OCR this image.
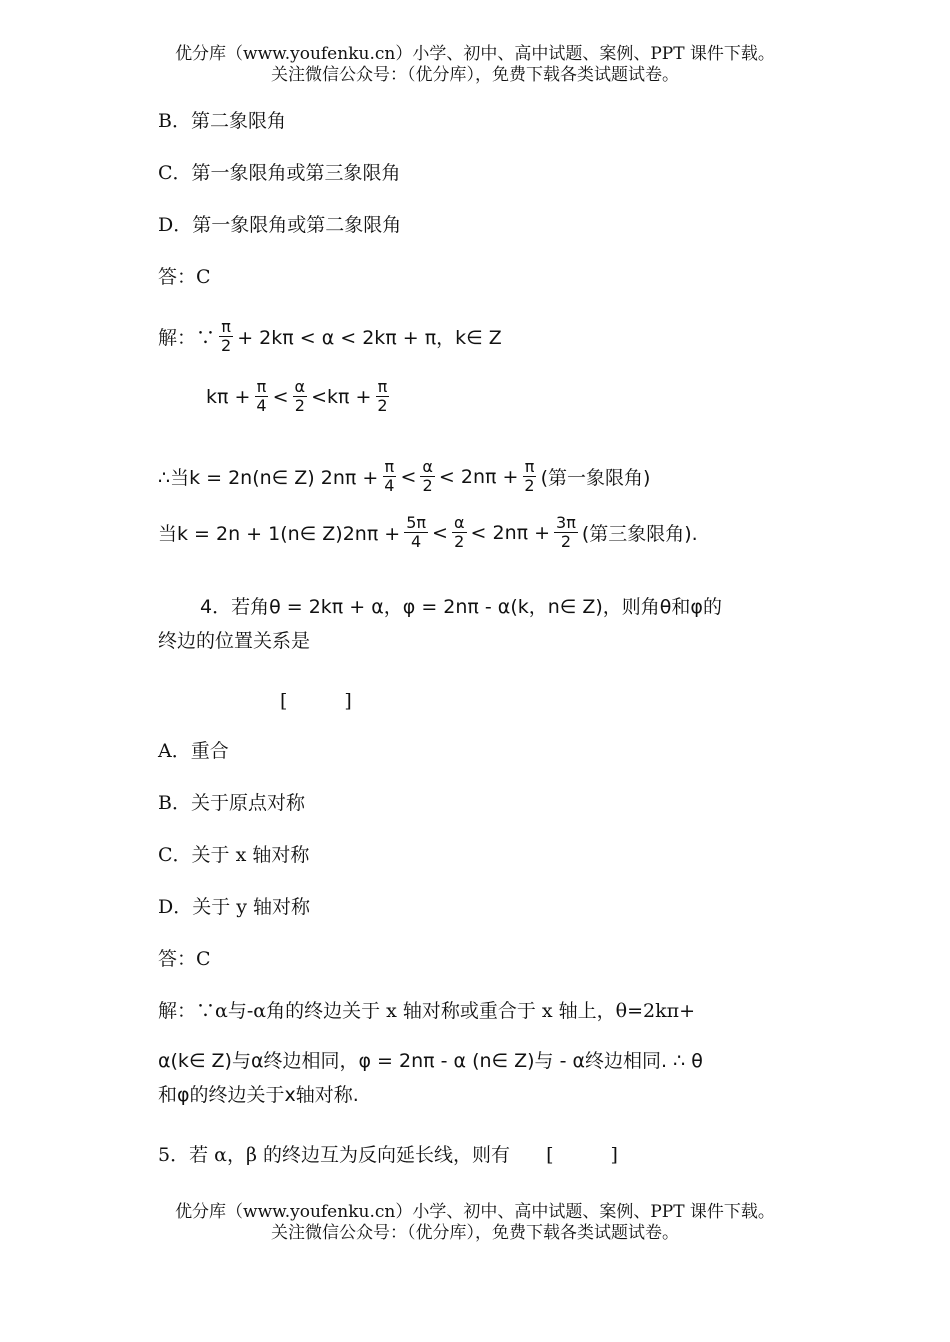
优分库（www.youfenku.cn）小学、初中、高中试题、案例、PPT 课件下载。
关注微信公众号：（优分库），免费下载各类试题试卷。
B．第二象限角
C．第一象限角或第三象限角
D．第一象限角或第二象限角
答：C
解：∵ $\frac{\pi}{2} + 2k\pi < \alpha < 2k\pi + \pi$，k∈ Z
$k\pi + \frac{\pi}{4} < \frac{\alpha}{2} <k\pi + \frac{\pi}{2}$
∴当k = 2n(n∈ Z) $2n\pi + \frac{\pi}{4} < \frac{\alpha}{2} < 2n\pi + \frac{\pi}{2}$ (第一象限角)
当k = 2n + 1(n∈ $Z)2n\pi + \frac{5\pi}{4} < \frac{\alpha}{2} < 2n\pi + \frac{3\pi}{2}$ (第三象限角).
4．若角θ = 2kπ + α，φ = 2nπ - α(k，n∈ Z)，则角θ和φ的
终边的位置关系是
[　　　]
A．重合
B．关于原点对称
C．关于 x 轴对称
D．关于 y 轴对称
答：C
解：∵α与-α角的终边关于 x 轴对称或重合于 x 轴上，θ=2kπ+
α(k∈ Z)与α终边相同，φ = 2nπ - α (n∈ Z)与 - α终边相同. ∴ θ
和φ的终边关于x轴对称.
5．若 α，β 的终边互为反向延长线，则有 [　　　]
优分库（www.youfenku.cn）小学、初中、高中试题、案例、PPT 课件下载。
关注微信公众号：（优分库），免费下载各类试题试卷。
